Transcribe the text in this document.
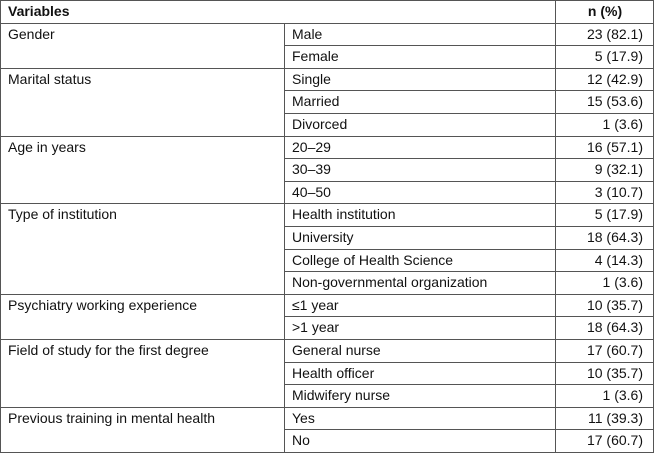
Variables		n (%)
Gender	Male	23 (82.1)
	Female	5 (17.9)
Marital status	Single	12 (42.9)
	Married	15 (53.6)
	Divorced	1 (3.6)
Age in years	20–29	16 (57.1)
	30–39	9 (32.1)
	40–50	3 (10.7)
Type of institution	Health institution	5 (17.9)
	University	18 (64.3)
	College of Health Science	4 (14.3)
	Non-governmental organization	1 (3.6)
Psychiatry working experience	≤1 year	10 (35.7)
	>1 year	18 (64.3)
Field of study for the first degree	General nurse	17 (60.7)
	Health officer	10 (35.7)
	Midwifery nurse	1 (3.6)
Previous training in mental health	Yes	11 (39.3)
	No	17 (60.7)
